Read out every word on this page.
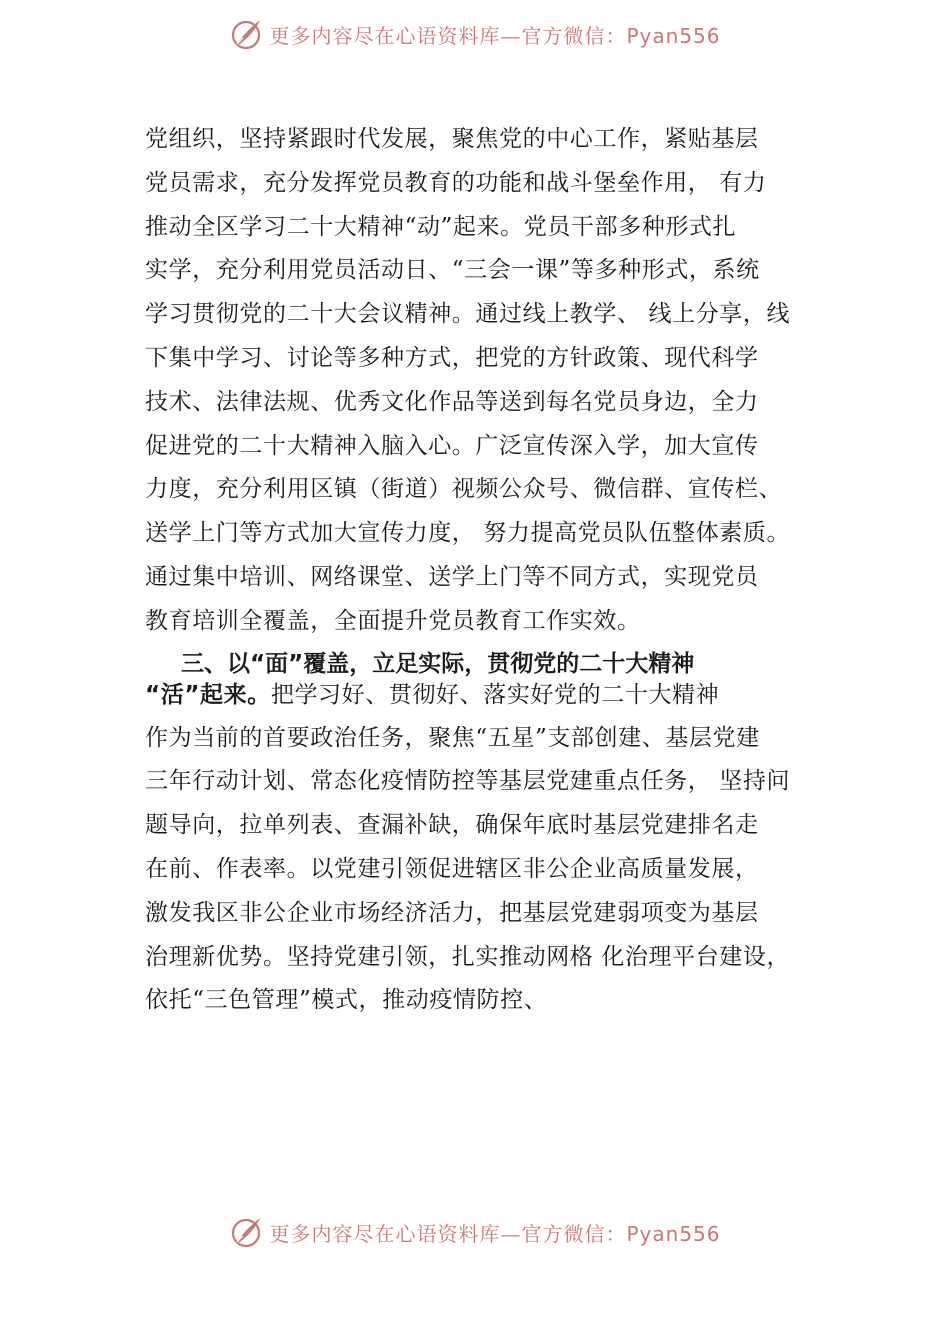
更多内容尽在心语资料库—官方微信：Pyan556
党组织，坚持紧跟时代发展，聚焦党的中心工作，紧贴基层
党员需求，充分发挥党员教育的功能和战斗堡垒作用， 有力
推动全区学习二十大精神“动”起来。党员干部多种形式扎
实学，充分利用党员活动日、“三会一课”等多种形式，系统
学习贯彻党的二十大会议精神。通过线上教学、 线上分享，线
下集中学习、讨论等多种方式，把党的方针政策、现代科学
技术、法律法规、优秀文化作品等送到每名党员身边，全力
促进党的二十大精神入脑入心。广泛宣传深入学，加大宣传
力度，充分利用区镇（街道）视频公众号、微信群、宣传栏、
送学上门等方式加大宣传力度， 努力提高党员队伍整体素质。
通过集中培训、网络课堂、送学上门等不同方式，实现党员
教育培训全覆盖，全面提升党员教育工作实效。
三、以“面”覆盖，立足实际，贯彻党的二十大精神
“活”起来。把学习好、贯彻好、落实好党的二十大精神
作为当前的首要政治任务，聚焦“五星”支部创建、基层党建
三年行动计划、常态化疫情防控等基层党建重点任务， 坚持问
题导向，拉单列表、查漏补缺，确保年底时基层党建排名走
在前、作表率。以党建引领促进辖区非公企业高质量发展，
激发我区非公企业市场经济活力，把基层党建弱项变为基层
治理新优势。坚持党建引领，扎实推动网格 化治理平台建设，
依托“三色管理”模式，推动疫情防控、
更多内容尽在心语资料库—官方微信：Pyan556
